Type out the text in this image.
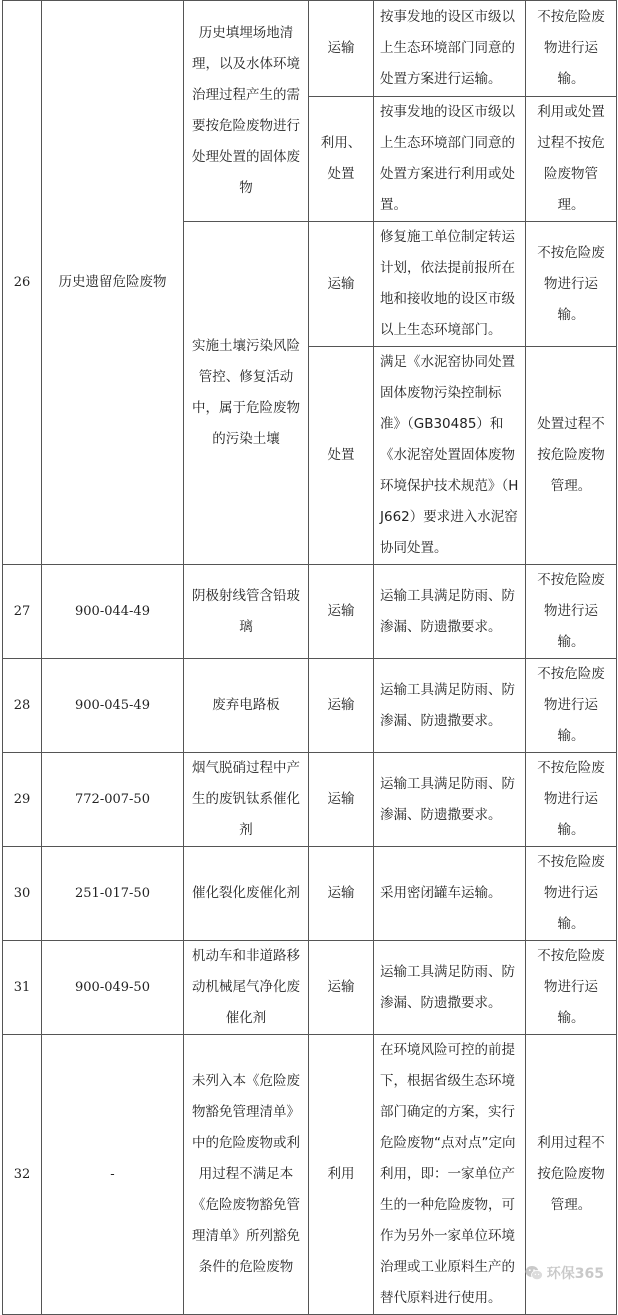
26	历史遗留危险废物	历史填埋场地清理，以及水体环境治理过程产生的需要按危险废物进行处理处置的固体废物	运输	按事发地的设区市级以上生态环境部门同意的处置方案进行运输。	不按危险废物进行运输。
			利用、处置	按事发地的设区市级以上生态环境部门同意的处置方案进行利用或处置。	利用或处置过程不按危险废物管理。
		实施土壤污染风险管控、修复活动中，属于危险废物的污染土壤	运输	修复施工单位制定转运计划，依法提前报所在地和接收地的设区市级以上生态环境部门。	不按危险废物进行运输。
			处置	满足《水泥窑协同处置固体废物污染控制标准》（GB30485）和《水泥窑处置固体废物环境保护技术规范》（HJ662）要求进入水泥窑协同处置。	处置过程不按危险废物管理。
27	900-044-49	阴极射线管含铅玻璃	运输	运输工具满足防雨、防渗漏、防遗撒要求。	不按危险废物进行运输。
28	900-045-49	废弃电路板	运输	运输工具满足防雨、防渗漏、防遗撒要求。	不按危险废物进行运输。
29	772-007-50	烟气脱硝过程中产生的废钒钛系催化剂	运输	运输工具满足防雨、防渗漏、防遗撒要求。	不按危险废物进行运输。
30	251-017-50	催化裂化废催化剂	运输	采用密闭罐车运输。	不按危险废物进行运输。
31	900-049-50	机动车和非道路移动机械尾气净化废催化剂	运输	运输工具满足防雨、防渗漏、防遗撒要求。	不按危险废物进行运输。
32	-	未列入本《危险废物豁免管理清单》中的危险废物或利用过程不满足本《危险废物豁免管理清单》所列豁免条件的危险废物	利用	在环境风险可控的前提下，根据省级生态环境部门确定的方案，实行危险废物“点对点”定向利用，即：一家单位产生的一种危险废物，可作为另外一家单位环境治理或工业原料生产的替代原料进行使用。	利用过程不按危险废物管理。
环保365
